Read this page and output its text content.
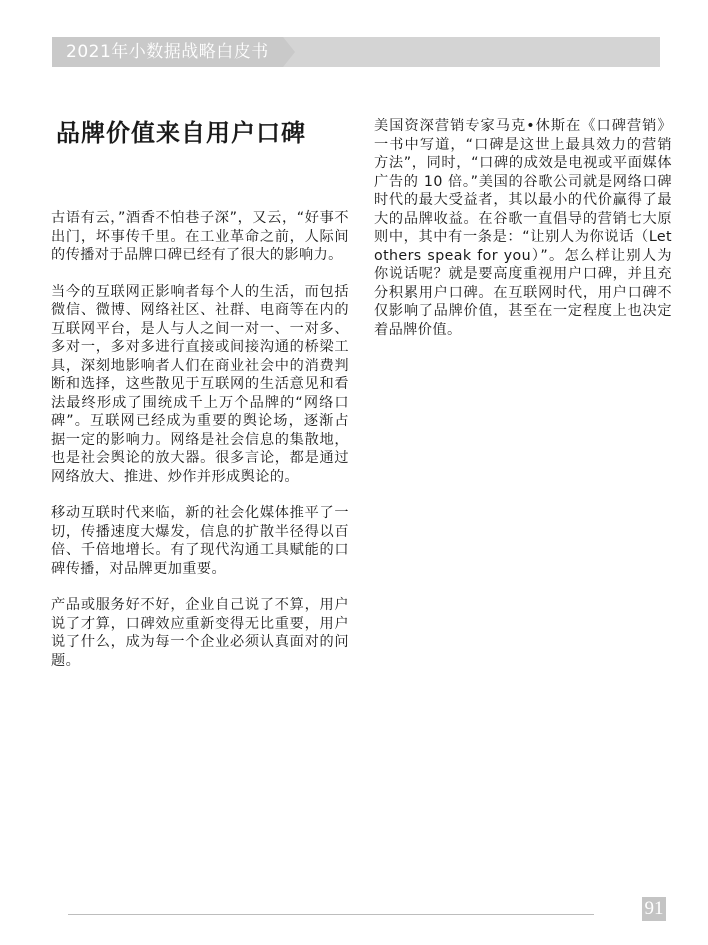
2021年小数据战略白皮书
品牌价值来自用户口碑

古语有云，”酒香不怕巷子深”，又云，“好事不出门，坏事传千里。在工业革命之前，人际间的传播对于品牌口碑已经有了很大的影响力。

当今的互联网正影响者每个人的生活，而包括微信、微博、网络社区、社群、电商等在内的互联网平台，是人与人之间一对一、一对多、多对一，多对多进行直接或间接沟通的桥梁工具，深刻地影响者人们在商业社会中的消费判断和选择，这些散见于互联网的生活意见和看法最终形成了围统成千上万个品牌的“网络口碑”。互联网已经成为重要的舆论场，逐渐占据一定的影响力。网络是社会信息的集散地，也是社会舆论的放大器。很多言论，都是通过网络放大、推进、炒作并形成舆论的。

移动互联时代来临，新的社会化媒体推平了一切，传播速度大爆发，信息的扩散半径得以百倍、千倍地增长。有了现代沟通工具赋能的口碑传播，对品牌更加重要。

产品或服务好不好，企业自己说了不算，用户说了才算，口碑效应重新变得无比重要，用户说了什么，成为每一个企业必须认真面对的问题。

美国资深营销专家马克•休斯在《口碑营销》一书中写道，“口碑是这世上最具效力的营销方法”，同时，“口碑的成效是电视或平面媒体广告的 10 倍。”美国的谷歌公司就是网络口碑时代的最大受益者，其以最小的代价赢得了最大的品牌收益。在谷歌一直倡导的营销七大原则中，其中有一条是：“让别人为你说话（Let others speak for you）”。怎么样让别人为你说话呢？就是要高度重视用户口碑，并且充分积累用户口碑。在互联网时代，用户口碑不仅影响了品牌价值，甚至在一定程度上也决定着品牌价值。

91
